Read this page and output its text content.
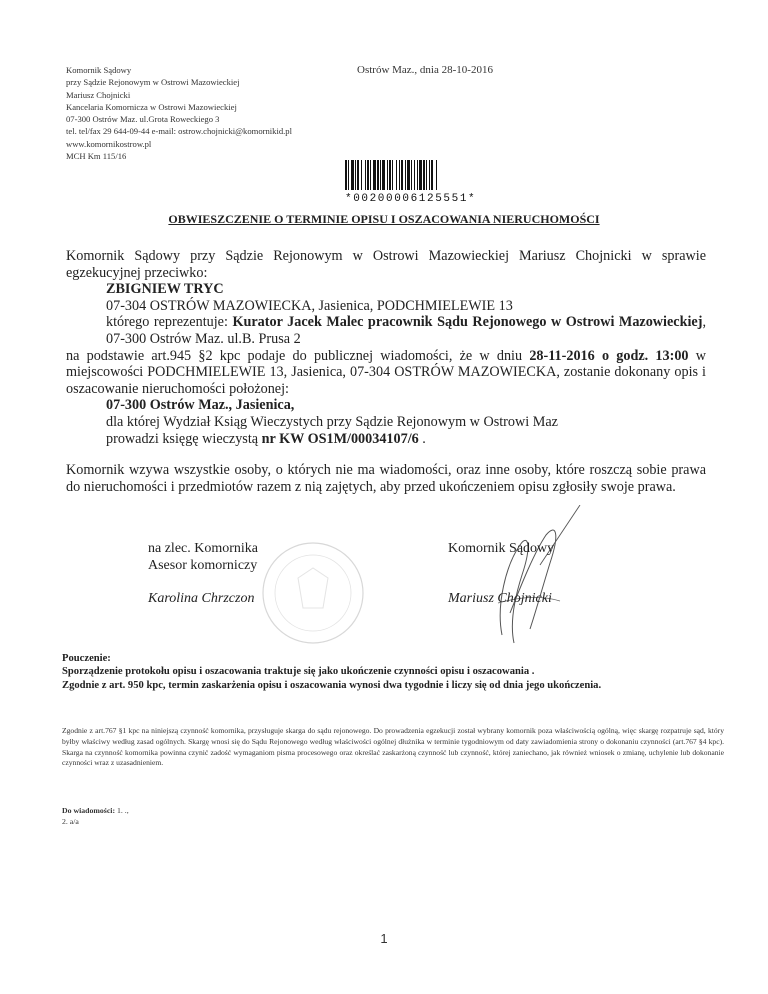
Komornik Sądowy
przy Sądzie Rejonowym w Ostrowi Mazowieckiej
Mariusz Chojnicki
Kancelaria Komornicza w Ostrowi Mazowieckiej
07-300 Ostrów Maz. ul.Grota Roweckiego 3
tel. tel/fax 29 644-09-44 e-mail: ostrow.chojnicki@komornikid.pl
www.komornikostrow.pl
MCH Km 115/16
Ostrów Maz., dnia 28-10-2016
*00200006125551*
OBWIESZCZENIE O TERMINIE OPISU I OSZACOWANIA NIERUCHOMOŚCI

Komornik Sądowy przy Sądzie Rejonowym w Ostrowi Mazowieckiej Mariusz Chojnicki w sprawie egzekucyjnej przeciwko:

ZBIGNIEW TRYC

07-304 OSTRÓW MAZOWIECKA, Jasienica, PODCHMIELEWIE 13

którego reprezentuje: Kurator Jacek Malec pracownik Sądu Rejonowego w Ostrowi Mazowieckiej, 07-300 Ostrów Maz. ul.B. Prusa 2

na podstawie art.945 §2 kpc podaje do publicznej wiadomości, że w dniu 28-11-2016 o godz. 13:00 w miejscowości PODCHMIELEWIE 13, Jasienica, 07-304 OSTRÓW MAZOWIECKA, zostanie dokonany opis i oszacowanie nieruchomości położonej:

07-300 Ostrów Maz., Jasienica,

dla której Wydział Ksiąg Wieczystych przy Sądzie Rejonowym w Ostrowi Maz

prowadzi księgę wieczystą nr KW OS1M/00034107/6 .

Komornik wzywa wszystkie osoby, o których nie ma wiadomości, oraz inne osoby, które roszczą sobie prawa do nieruchomości i przedmiotów razem z nią zajętych, aby przed ukończeniem opisu zgłosiły swoje prawa.
na zlec. Komornika
Asesor komorniczy
Karolina Chrzczon
Komornik Sądowy
Mariusz Chojnicki
Pouczenie:
Sporządzenie protokołu opisu i oszacowania traktuje się jako ukończenie czynności opisu i oszacowania .
Zgodnie z art. 950 kpc, termin zaskarżenia opisu i oszacowania wynosi dwa tygodnie i liczy się od dnia jego ukończenia.
Zgodnie z art.767 §1 kpc na niniejszą czynność komornika, przysługuje skarga do sądu rejonowego. Do prowadzenia egzekucji został wybrany komornik poza właściwością ogólną, więc skargę rozpatruje sąd, który byłby właściwy według zasad ogólnych. Skargę wnosi się do Sądu Rejonowego według właściwości ogólnej dłużnika w terminie tygodniowym od daty zawiadomienia strony o dokonaniu czynności (art.767 §4 kpc). Skarga na czynność komornika powinna czynić zadość wymaganiom pisma procesowego oraz określać zaskarżoną czynność lub czynność, której zaniechano, jak również wniosek o zmianę, uchylenie lub dokonanie czynności wraz z uzasadnieniem.
Do wiadomości: 1. .,
2. a/a
1
